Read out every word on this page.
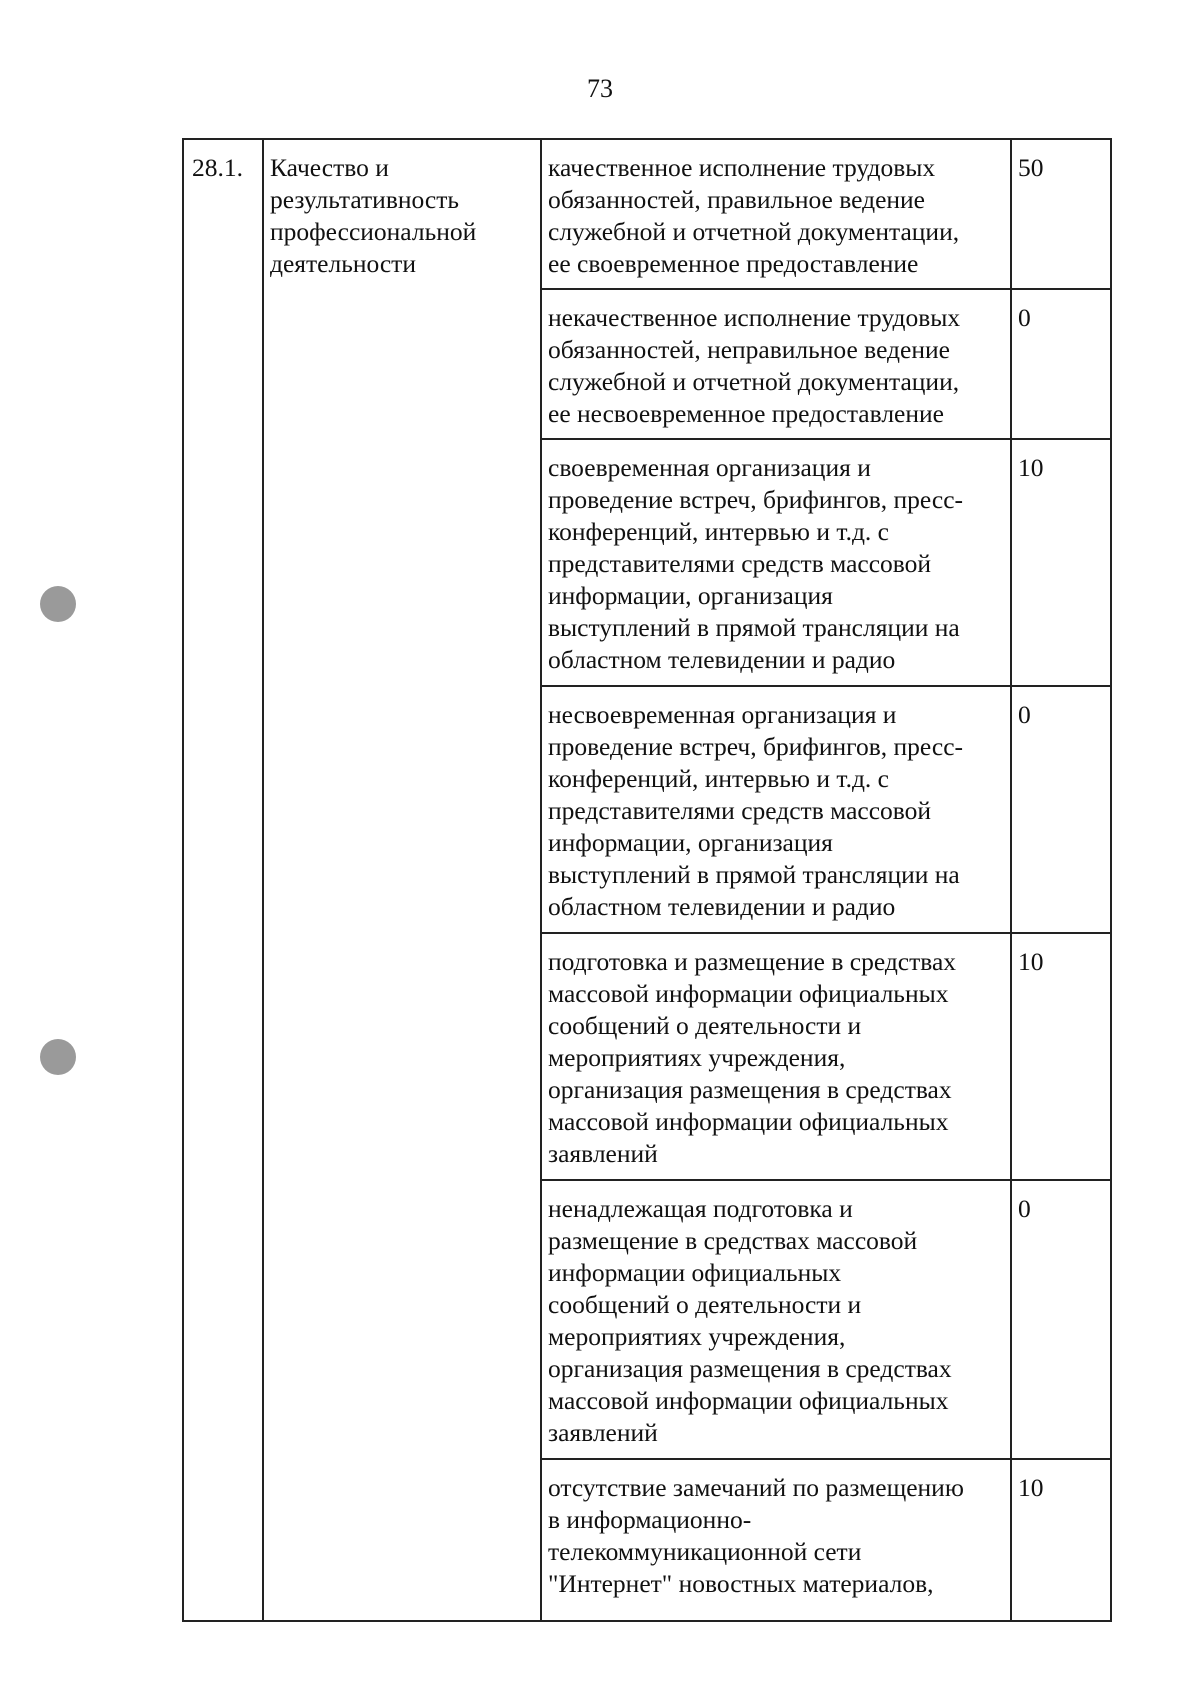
73
28.1. Качество и
результативность
профессиональной
деятельности
качественное исполнение трудовых
обязанностей, правильное ведение
служебной и отчетной документации,
ее своевременное предоставление
50
некачественное исполнение трудовых
обязанностей, неправильное ведение
служебной и отчетной документации,
ее несвоевременное предоставление
0
своевременная организация и
проведение встреч, брифингов, пресс-
конференций, интервью и т.д. с
представителями средств массовой
информации, организация
выступлений в прямой трансляции на
областном телевидении и радио
10
несвоевременная организация и
проведение встреч, брифингов, пресс-
конференций, интервью и т.д. с
представителями средств массовой
информации, организация
выступлений в прямой трансляции на
областном телевидении и радио
0
подготовка и размещение в средствах
массовой информации официальных
сообщений о деятельности и
мероприятиях учреждения,
организация размещения в средствах
массовой информации официальных
заявлений
10
ненадлежащая подготовка и
размещение в средствах массовой
информации официальных
сообщений о деятельности и
мероприятиях учреждения,
организация размещения в средствах
массовой информации официальных
заявлений
0
отсутствие замечаний по размещению
в информационно-
телекоммуникационной сети
"Интернет" новостных материалов,
10
